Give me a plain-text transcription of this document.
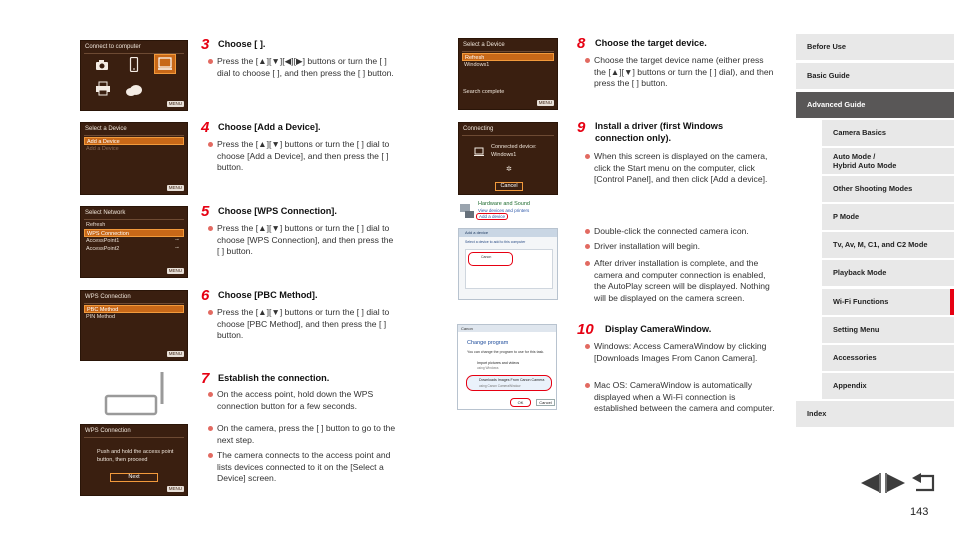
Connect to computer
MENU
Select a Device
Add a Device
Add a Device
MENU
Select Network
Refresh
WPS Connection
AccessPoint1
AccessPoint2
⊸
⊸
MENU
WPS Connection
PBC Method
PIN Method
MENU
WPS Connection
Push and hold the access point
button, then proceed
Next
MENU
3 Choose [ ].
Press the [▲][▼][◀][▶] buttons or turn the [ ] dial to choose [ ], and then press the [ ] button.
4 Choose [Add a Device].
Press the [▲][▼] buttons or turn the [ ] dial to choose [Add a Device], and then press the [ ] button.
5 Choose [WPS Connection].
Press the [▲][▼] buttons or turn the [ ] dial to choose [WPS Connection], and then press the [ ] button.
6 Choose [PBC Method].
Press the [▲][▼] buttons or turn the [ ] dial to choose [PBC Method], and then press the [ ] button.
7 Establish the connection.
On the access point, hold down the WPS connection button for a few seconds.
On the camera, press the [ ] button to go to the next step.
The camera connects to the access point and lists devices connected to it on the [Select a Device] screen.
Select a Device
Refresh
Windows1
Search complete
MENU
Connecting
Connected device:
Windows1
✲
Cancel
Hardware and Sound
View devices and printers
Add a device
Add a device
Select a device to add to this computer
Canon
Canon
Change program
You can change the program to use for this task.
Import pictures and videos
using Windows
Downloads Images From Canon Camera
using Canon CameraWindow
OK	Cancel
8 Choose the target device.
Choose the target device name (either press the [▲][▼] buttons or turn the [ ] dial), and then press the [ ] button.
9 Install a driver (first Windows connection only).
When this screen is displayed on the camera, click the Start menu on the computer, click [Control Panel], and then click [Add a device].
Double-click the connected camera icon.
Driver installation will begin.
After driver installation is complete, and the camera and computer connection is enabled, the AutoPlay screen will be displayed. Nothing will be displayed on the camera screen.
10 Display CameraWindow.
Windows: Access CameraWindow by clicking [Downloads Images From Canon Camera].
Mac OS: CameraWindow is automatically displayed when a Wi-Fi connection is established between the camera and computer.
Before Use
Basic Guide
Advanced Guide
Camera Basics
Auto Mode /
Hybrid Auto Mode
Other Shooting Modes
P Mode
Tv, Av, M, C1, and C2 Mode
Playback Mode
Wi-Fi Functions
Setting Menu
Accessories
Appendix
Index
143
